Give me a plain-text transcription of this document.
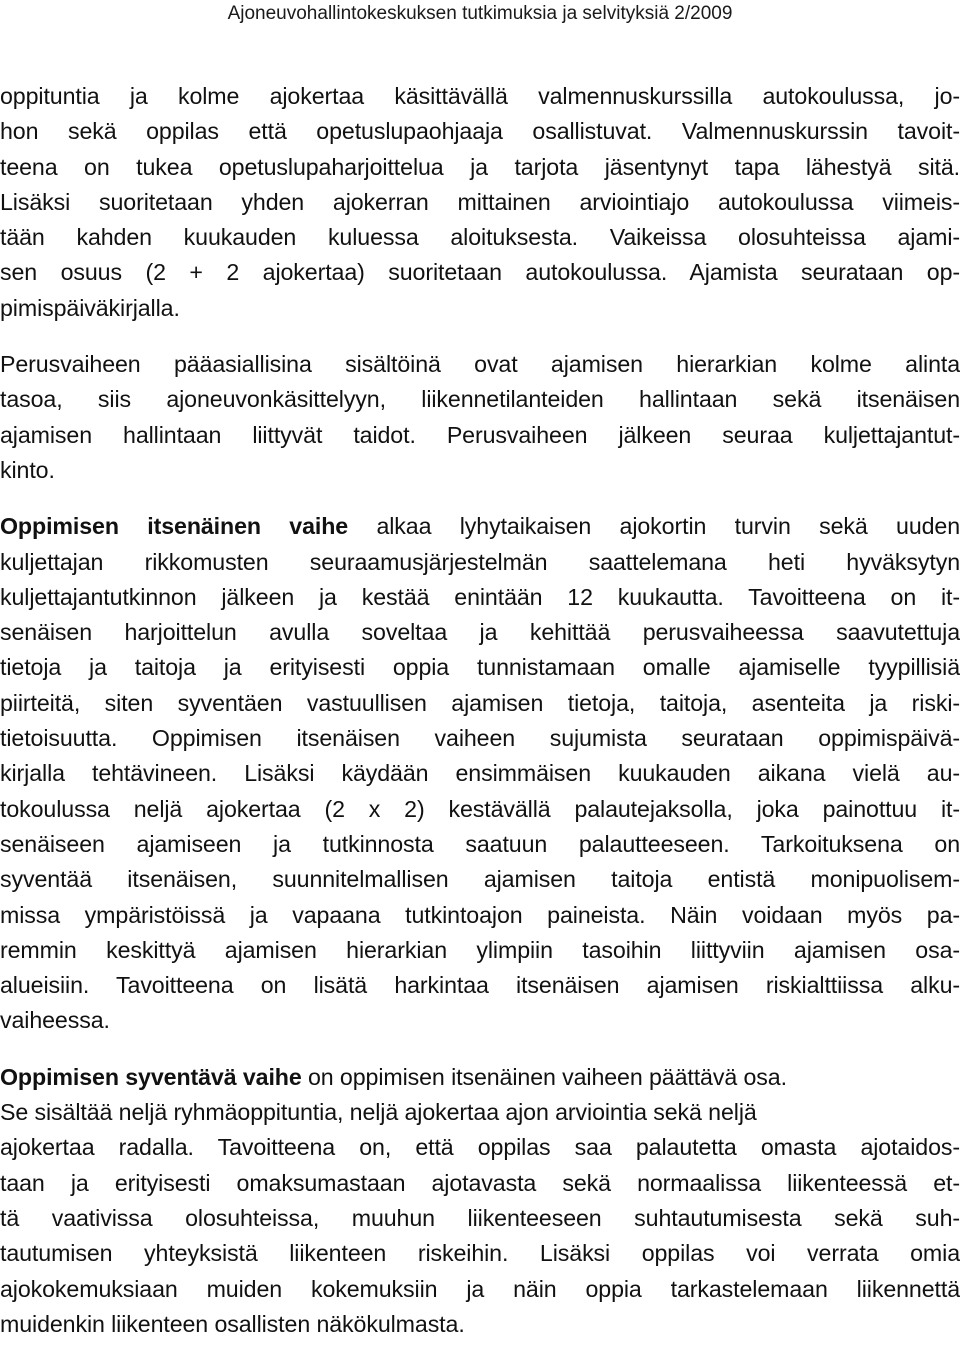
Ajoneuvohallintokeskuksen tutkimuksia ja selvityksiä 2/2009
oppituntia ja kolme ajokertaa käsittävällä valmennuskurssilla autokoulussa, jo-
hon sekä oppilas että opetuslupaohjaaja osallistuvat. Valmennuskurssin tavoit-
teena on tukea opetuslupaharjoittelua ja tarjota jäsentynyt tapa lähestyä sitä.
Lisäksi suoritetaan yhden ajokerran mittainen arviointiajo autokoulussa viimeis-
tään kahden kuukauden kuluessa aloituksesta. Vaikeissa olosuhteissa ajami-
sen osuus (2 + 2 ajokertaa) suoritetaan autokoulussa. Ajamista seurataan op-
pimispäiväkirjalla.
Perusvaiheen pääasiallisina sisältöinä ovat ajamisen hierarkian kolme alinta
tasoa, siis ajoneuvonkäsittelyyn, liikennetilanteiden hallintaan sekä itsenäisen
ajamisen hallintaan liittyvät taidot. Perusvaiheen jälkeen seuraa kuljettajantut-
kinto.
Oppimisen itsenäinen vaihe alkaa lyhytaikaisen ajokortin turvin sekä uuden
kuljettajan rikkomusten seuraamusjärjestelmän saattelemana heti hyväksytyn
kuljettajantutkinnon jälkeen ja kestää enintään 12 kuukautta. Tavoitteena on it-
senäisen harjoittelun avulla soveltaa ja kehittää perusvaiheessa saavutettuja
tietoja ja taitoja ja erityisesti oppia tunnistamaan omalle ajamiselle tyypillisiä
piirteitä, siten syventäen vastuullisen ajamisen tietoja, taitoja, asenteita ja riski-
tietoisuutta. Oppimisen itsenäisen vaiheen sujumista seurataan oppimispäivä-
kirjalla tehtävineen. Lisäksi käydään ensimmäisen kuukauden aikana vielä au-
tokoulussa neljä ajokertaa (2 x 2) kestävällä palautejaksolla, joka painottuu it-
senäiseen ajamiseen ja tutkinnosta saatuun palautteeseen. Tarkoituksena on
syventää itsenäisen, suunnitelmallisen ajamisen taitoja entistä monipuolisem-
missa ympäristöissä ja vapaana tutkintoajon paineista. Näin voidaan myös pa-
remmin keskittyä ajamisen hierarkian ylimpiin tasoihin liittyviin ajamisen osa-
alueisiin. Tavoitteena on lisätä harkintaa itsenäisen ajamisen riskialttiissa alku-
vaiheessa.
Oppimisen syventävä vaihe on oppimisen itsenäinen vaiheen päättävä osa.
Se sisältää neljä ryhmäoppituntia, neljä ajokertaa ajon arviointia sekä neljä
ajokertaa radalla. Tavoitteena on, että oppilas saa palautetta omasta ajotaidos-
taan ja erityisesti omaksumastaan ajotavasta sekä normaalissa liikenteessä et-
tä vaativissa olosuhteissa, muuhun liikenteeseen suhtautumisesta sekä suh-
tautumisen yhteyksistä liikenteen riskeihin. Lisäksi oppilas voi verrata omia
ajokokemuksiaan muiden kokemuksiin ja näin oppia tarkastelemaan liikennettä
muidenkin liikenteen osallisten näkökulmasta.
